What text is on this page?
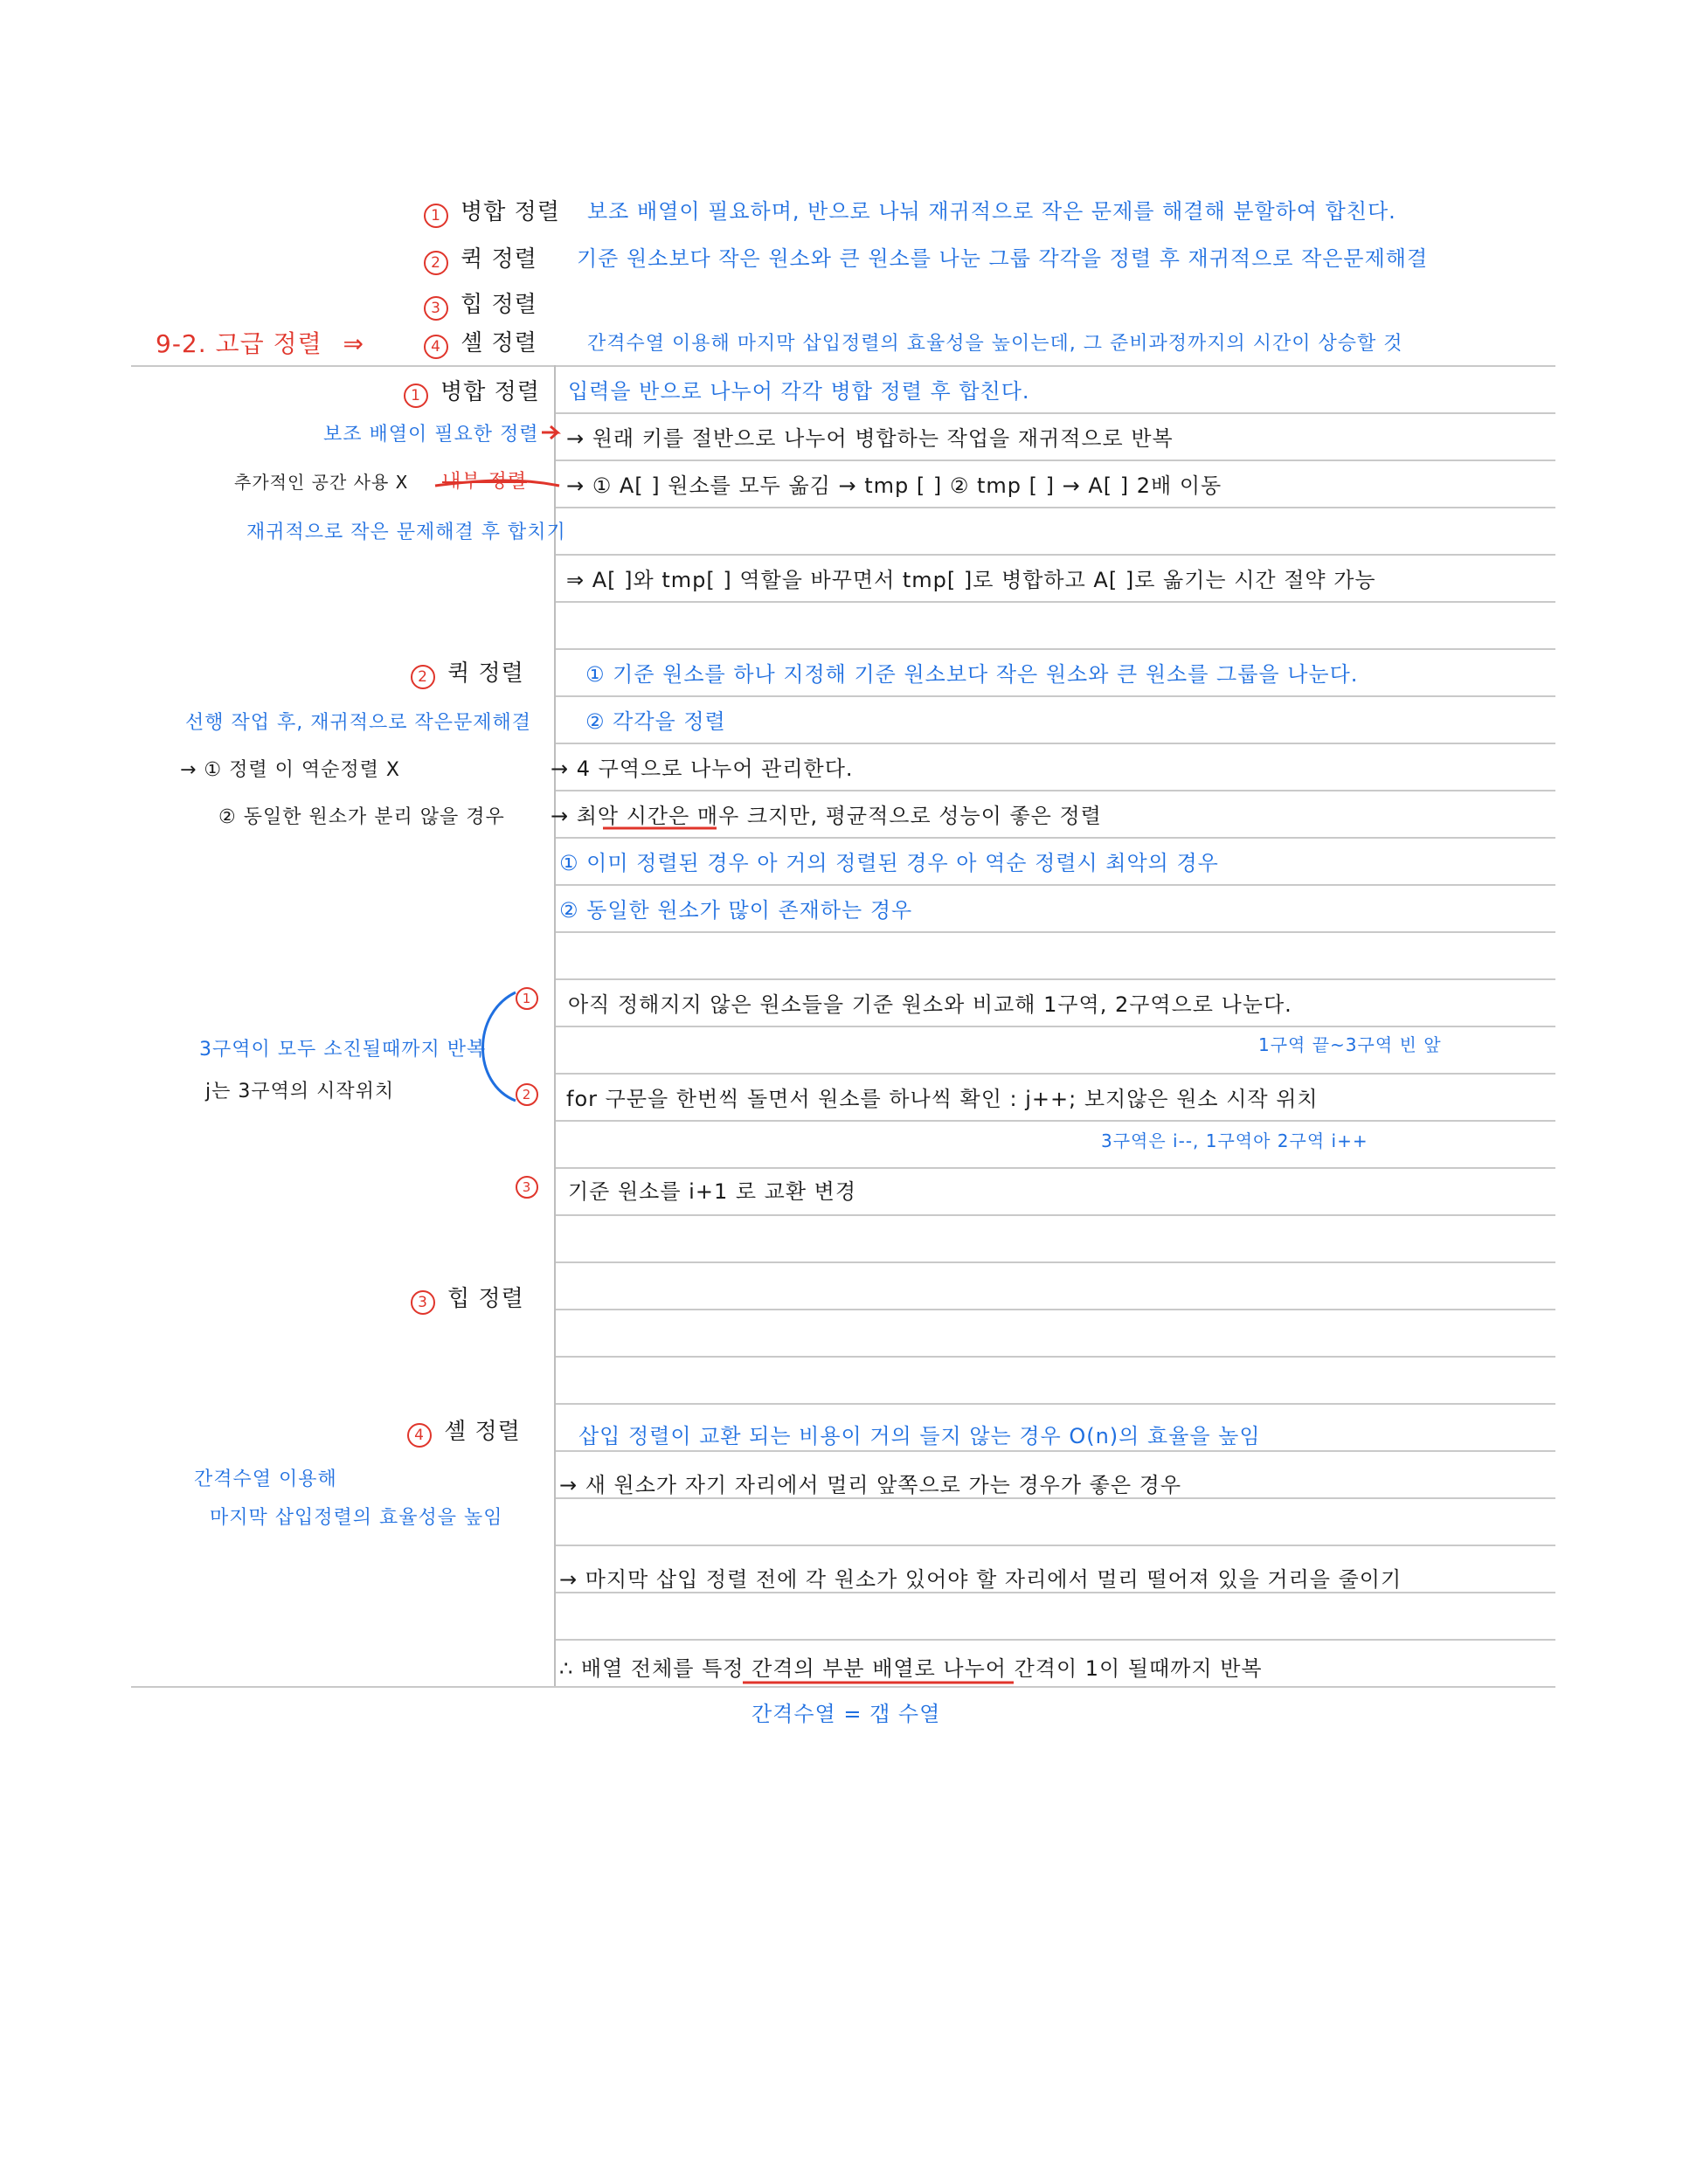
9-2. 고급 정렬 ⇒
1 병합 정렬 보조 배열이 필요하며, 반으로 나눠 재귀적으로 작은 문제를 해결해 분할하여 합친다.
2 퀵 정렬 기준 원소보다 작은 원소와 큰 원소를 나눈 그룹 각각을 정렬 후 재귀적으로 작은문제해결
3 힙 정렬
4 셸 정렬	간격수열 이용해 마지막 삽입정렬의 효율성을 높이는데, 그 준비과정까지의 시간이 상승할 것
1 병합 정렬
보조 배열이 필요한 정렬
추가적인 공간 사용 X 내부 정렬
재귀적으로 작은 문제해결 후 합치기
입력을 반으로 나누어 각각 병합 정렬 후 합친다.
→ 원래 키를 절반으로 나누어 병합하는 작업을 재귀적으로 반복
→ ① A[ ] 원소를 모두 옮김 → tmp [ ] ② tmp [ ] → A[ ] 2배 이동
⇒ A[ ]와 tmp[ ] 역할을 바꾸면서 tmp[ ]로 병합하고 A[ ]로 옮기는 시간 절약 가능
2 퀵 정렬
선행 작업 후, 재귀적으로 작은문제해결
→ ① 정렬 이 역순정렬 X
② 동일한 원소가 분리 않을 경우
① 기준 원소를 하나 지정해 기준 원소보다 작은 원소와 큰 원소를 그룹을 나눈다.
② 각각을 정렬
→ 4 구역으로 나누어 관리한다.
→ 최악 시간은 매우 크지만, 평균적으로 성능이 좋은 정렬
① 이미 정렬된 경우 아 거의 정렬된 경우 아 역순 정렬시 최악의 경우
② 동일한 원소가 많이 존재하는 경우
3구역이 모두 소진될때까지 반복
j는 3구역의 시작위치
1	아직 정해지지 않은 원소들을 기준 원소와 비교해 1구역, 2구역으로 나눈다.
1구역 끝~3구역 빈 앞
2	for 구문을 한번씩 돌면서 원소를 하나씩 확인 : j++; 보지않은 원소 시작 위치
3구역은 i--, 1구역아 2구역 i++
3	기준 원소를 i+1 로 교환 변경
3 힙 정렬
4 셸 정렬
간격수열 이용해
마지막 삽입정렬의 효율성을 높임
삽입 정렬이 교환 되는 비용이 거의 들지 않는 경우 O(n)의 효율을 높임
→ 새 원소가 자기 자리에서 멀리 앞쪽으로 가는 경우가 좋은 경우
→ 마지막 삽입 정렬 전에 각 원소가 있어야 할 자리에서 멀리 떨어져 있을 거리을 줄이기
∴ 배열 전체를 특정 간격의 부분 배열로 나누어 간격이 1이 될때까지 반복
간격수열 = 갭 수열
